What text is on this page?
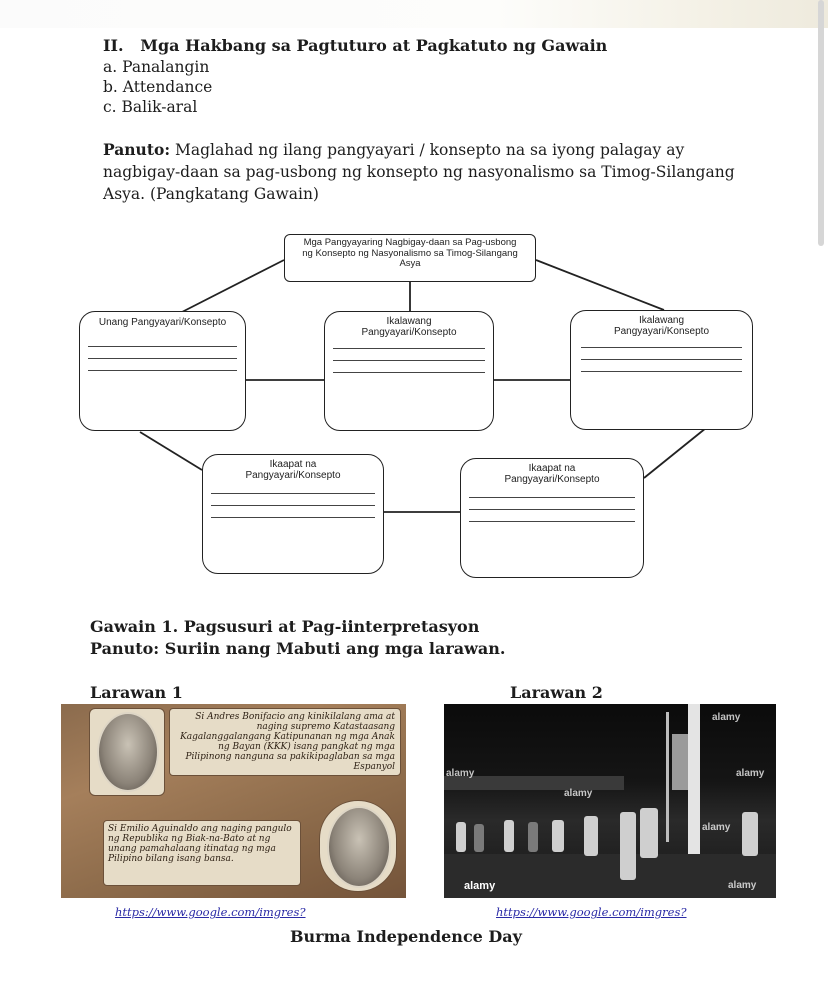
II.   Mga Hakbang sa Pagtuturo at Pagkatuto ng Gawain
a. Panalangin
b. Attendance
c. Balik-aral
Panuto: Maglahad ng ilang pangyayari / konsepto na sa iyong palagay ay nagbigay-daan sa pag-usbong ng konsepto ng nasyonalismo sa Timog-Silangang Asya. (Pangkatang Gawain)
Mga Pangyayaring Nagbigay-daan sa Pag-usbong ng Konsepto ng Nasyonalismo sa Timog-Silangang Asya
Unang Pangyayari/Konsepto	Ikalawang Pangyayari/Konsepto
Ikalawang Pangyayari/Konsepto
Ikaapat na Pangyayari/Konsepto
Ikaapat na Pangyayari/Konsepto
Gawain 1. Pagsusuri at Pag-iinterpretasyon
Panuto: Suriin nang Mabuti ang mga larawan.
Larawan 1	Larawan 2
Si Andres Bonifacio ang kinikilalang ama at naging supremo Katastaasang Kagalanggalangang Katipunanan ng mga Anak ng Bayan (KKK) isang pangkat ng mga Pilipinong nanguna sa pakikipaglaban sa mga Espanyol
Si Emilio Aguinaldo ang naging pangulo ng Republika ng Biak-na-Bato at ng unang pamahalaang itinatag ng mga Pilipino bilang isang bansa.
alamy
alamy	alamy
alamy
alamy
alamy	alamy
https://www.google.com/imgres?	https://www.google.com/imgres?
Burma Independence Day
